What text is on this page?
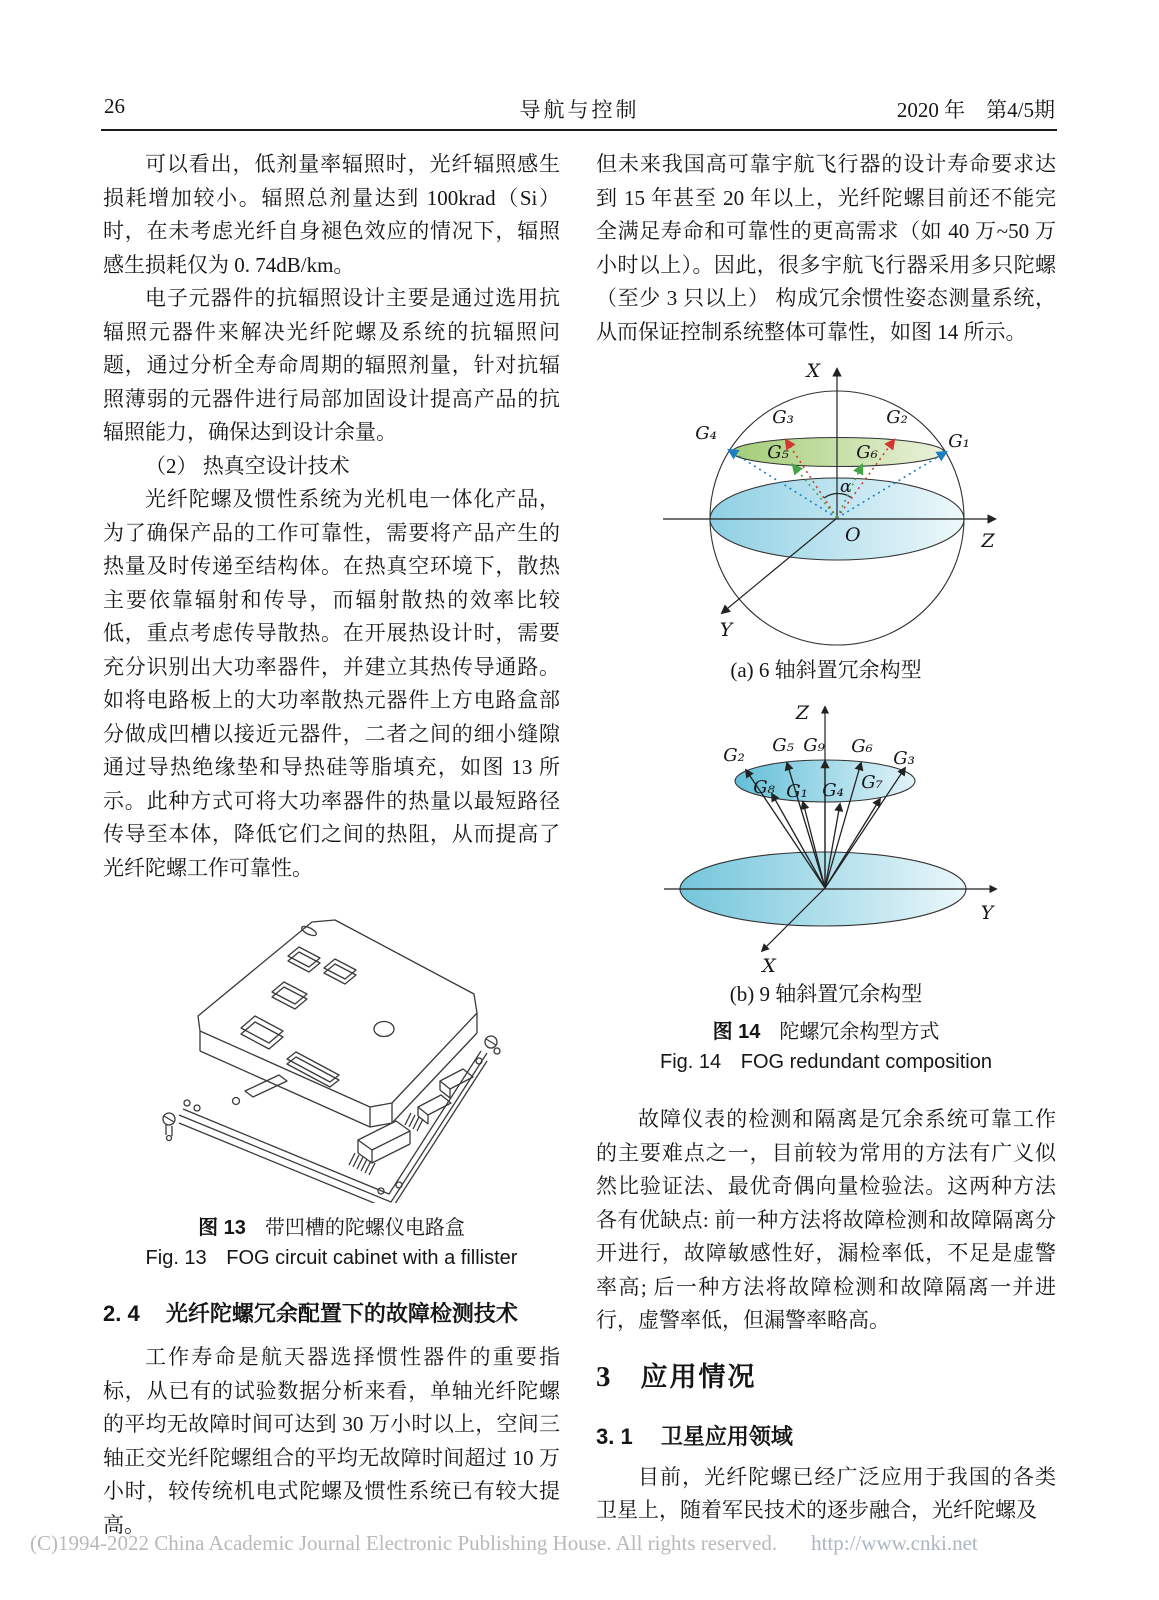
26	导航与控制	2020 年　第4/5期

可以看出，低剂量率辐照时，光纤辐照感生损耗增加较小。辐照总剂量达到 100krad（Si） 时，在未考虑光纤自身褪色效应的情况下，辐照感生损耗仅为 0. 74dB/km。

电子元器件的抗辐照设计主要是通过选用抗辐照元器件来解决光纤陀螺及系统的抗辐照问题，通过分析全寿命周期的辐照剂量，针对抗辐照薄弱的元器件进行局部加固设计提高产品的抗辐照能力，确保达到设计余量。

（2） 热真空设计技术

光纤陀螺及惯性系统为光机电一体化产品，为了确保产品的工作可靠性，需要将产品产生的热量及时传递至结构体。在热真空环境下，散热主要依靠辐射和传导，而辐射散热的效率比较低，重点考虑传导散热。在开展热设计时，需要充分识别出大功率器件，并建立其热传导通路。如将电路板上的大功率散热元器件上方电路盒部分做成凹槽以接近元器件，二者之间的细小缝隙通过导热绝缘垫和导热硅等脂填充，如图 13 所示。此种方式可将大功率器件的热量以最短路径传导至本体，降低它们之间的热阻，从而提高了光纤陀螺工作可靠性。

图 13 带凹槽的陀螺仪电路盒

Fig. 13 FOG circuit cabinet with a fillister

2. 4 光纤陀螺冗余配置下的故障检测技术

工作寿命是航天器选择惯性器件的重要指标，从已有的试验数据分析来看，单轴光纤陀螺的平均无故障时间可达到 30 万小时以上，空间三轴正交光纤陀螺组合的平均无故障时间超过 10 万小时，较传统机电式陀螺及惯性系统已有较大提高。

但未来我国高可靠宇航飞行器的设计寿命要求达到 15 年甚至 20 年以上，光纤陀螺目前还不能完全满足寿命和可靠性的更高需求（如 40 万~50 万小时以上）。因此，很多宇航飞行器采用多只陀螺（至少 3 只以上） 构成冗余惯性姿态测量系统，从而保证控制系统整体可靠性，如图 14 所示。

X
Z
Y
O
α
G₄	G₁
G₃	G₂
G₅	G₆

(a) 6 轴斜置冗余构型

Z
Y
X
G₂ G₅ G₉ G₆
G₃
G₈ G₁ G₄ G₇

(b) 9 轴斜置冗余构型

图 14 陀螺冗余构型方式

Fig. 14 FOG redundant composition

故障仪表的检测和隔离是冗余系统可靠工作的主要难点之一，目前较为常用的方法有广义似然比验证法、最优奇偶向量检验法。这两种方法各有优缺点: 前一种方法将故障检测和故障隔离分开进行，故障敏感性好，漏检率低，不足是虚警率高; 后一种方法将故障检测和故障隔离一并进行，虚警率低，但漏警率略高。

3 应用情况
3. 1 卫星应用领域

目前，光纤陀螺已经广泛应用于我国的各类卫星上，随着军民技术的逐步融合，光纤陀螺及

(C)1994-2022 China Academic Journal Electronic Publishing House. All rights reserved. http://www.cnki.net
